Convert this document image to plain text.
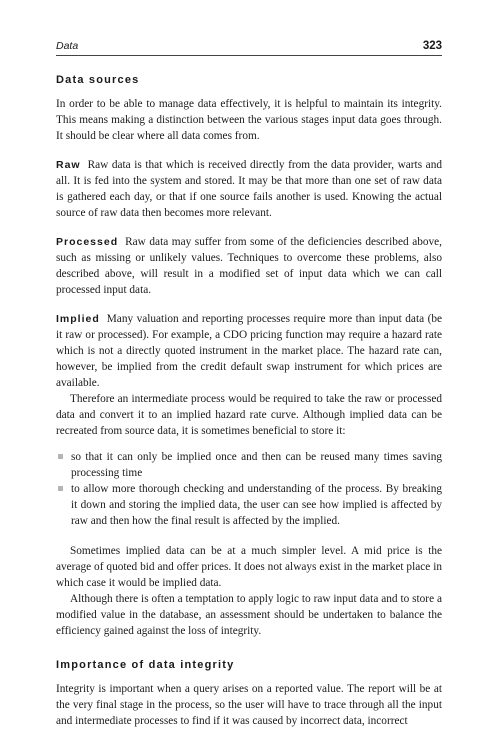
Data	323
Data sources

In order to be able to manage data effectively, it is helpful to maintain its integrity. This means making a distinction between the various stages input data goes through. It should be clear where all data comes from.

Raw Raw data is that which is received directly from the data provider, warts and all. It is fed into the system and stored. It may be that more than one set of raw data is gathered each day, or that if one source fails another is used. Knowing the actual source of raw data then becomes more relevant.

Processed Raw data may suffer from some of the deficiencies described above, such as missing or unlikely values. Techniques to overcome these problems, also described above, will result in a modified set of input data which we can call processed input data.

Implied Many valuation and reporting processes require more than input data (be it raw or processed). For example, a CDO pricing function may require a hazard rate which is not a directly quoted instrument in the market place. The hazard rate can, however, be implied from the credit default swap instrument for which prices are available.

Therefore an intermediate process would be required to take the raw or processed data and convert it to an implied hazard rate curve. Although implied data can be recreated from source data, it is sometimes beneficial to store it:

so that it can only be implied once and then can be reused many times saving processing time
to allow more thorough checking and understanding of the process. By breaking it down and storing the implied data, the user can see how implied is affected by raw and then how the final result is affected by the implied.

Sometimes implied data can be at a much simpler level. A mid price is the average of quoted bid and offer prices. It does not always exist in the market place in which case it would be implied data.

Although there is often a temptation to apply logic to raw input data and to store a modified value in the database, an assessment should be undertaken to balance the efficiency gained against the loss of integrity.

Importance of data integrity

Integrity is important when a query arises on a reported value. The report will be at the very final stage in the process, so the user will have to trace through all the input and intermediate processes to find if it was caused by incorrect data, incorrect
